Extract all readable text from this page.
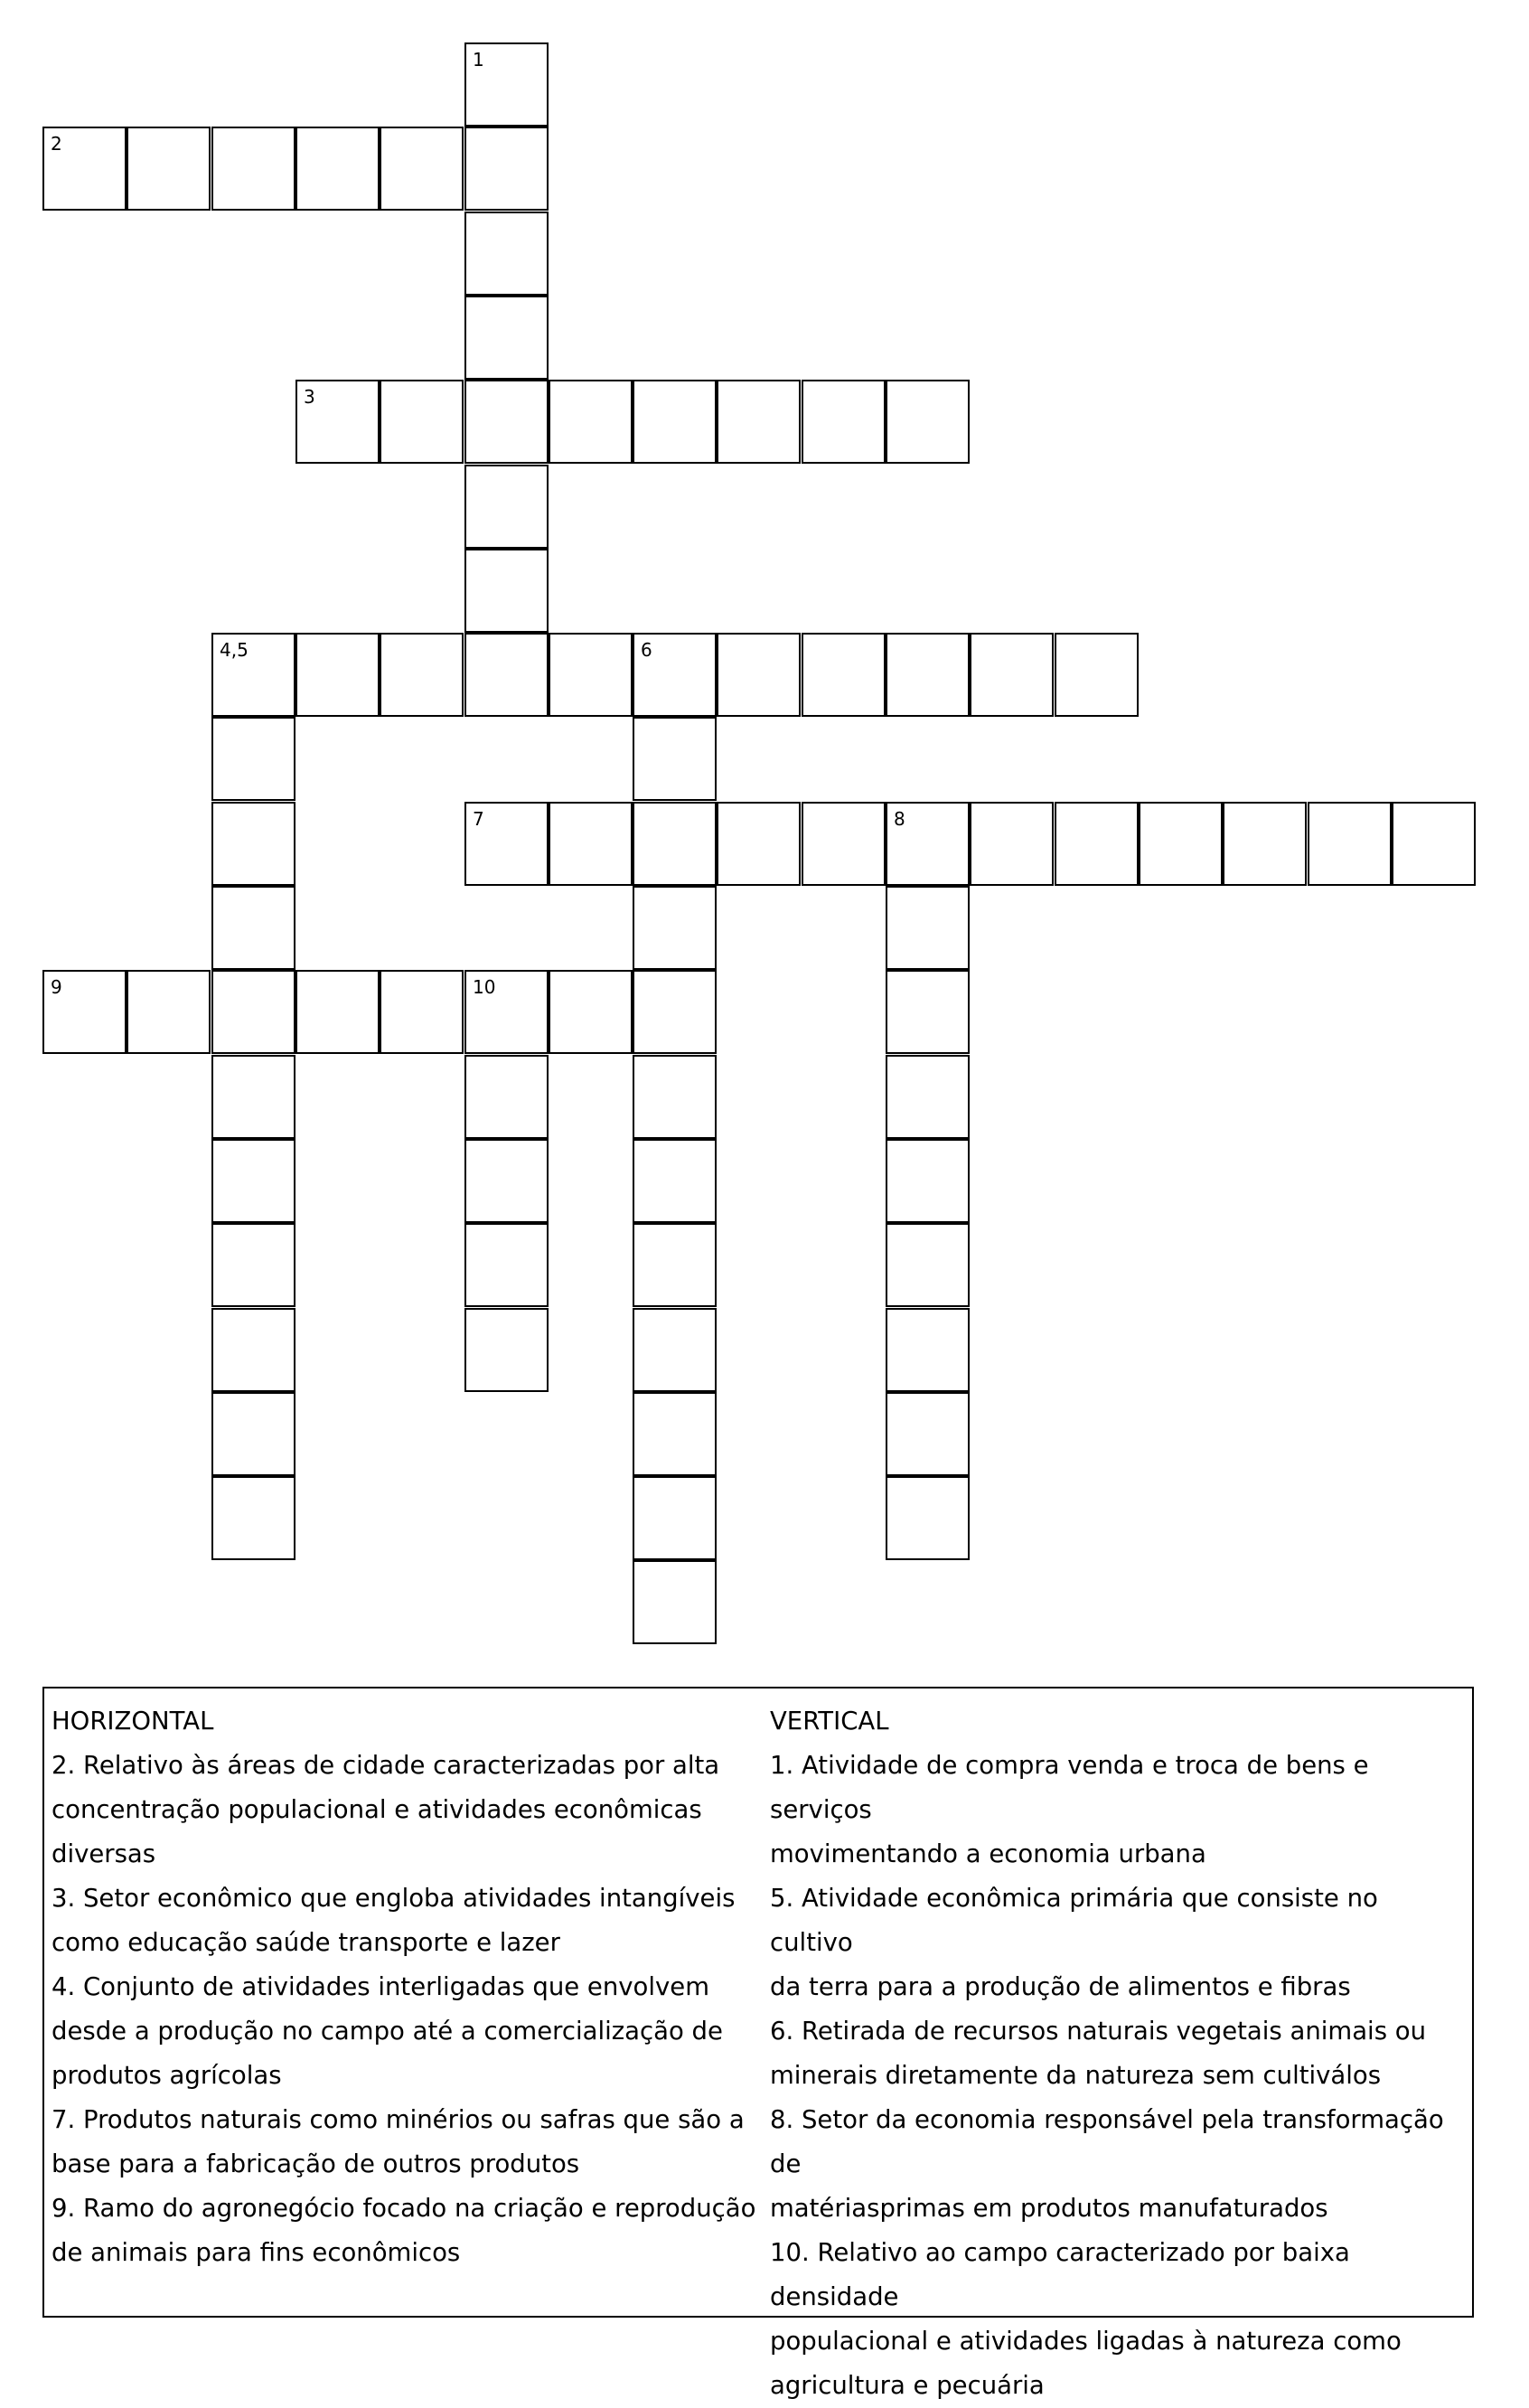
1
2
3
4,5	6
7	8
9	10

HORIZONTAL

2. Relativo às áreas de cidade caracterizadas por alta

concentração populacional e atividades econômicas

diversas

3. Setor econômico que engloba atividades intangíveis

como educação saúde transporte e lazer

4. Conjunto de atividades interligadas que envolvem

desde a produção no campo até a comercialização de

produtos agrícolas

7. Produtos naturais como minérios ou safras que são a

base para a fabricação de outros produtos

9. Ramo do agronegócio focado na criação e reprodução

de animais para fins econômicos

VERTICAL

1. Atividade de compra venda e troca de bens e serviços

movimentando a economia urbana

5. Atividade econômica primária que consiste no cultivo

da terra para a produção de alimentos e fibras

6. Retirada de recursos naturais vegetais animais ou

minerais diretamente da natureza sem cultiválos

8. Setor da economia responsável pela transformação de

matériasprimas em produtos manufaturados

10. Relativo ao campo caracterizado por baixa densidade

populacional e atividades ligadas à natureza como

agricultura e pecuária
